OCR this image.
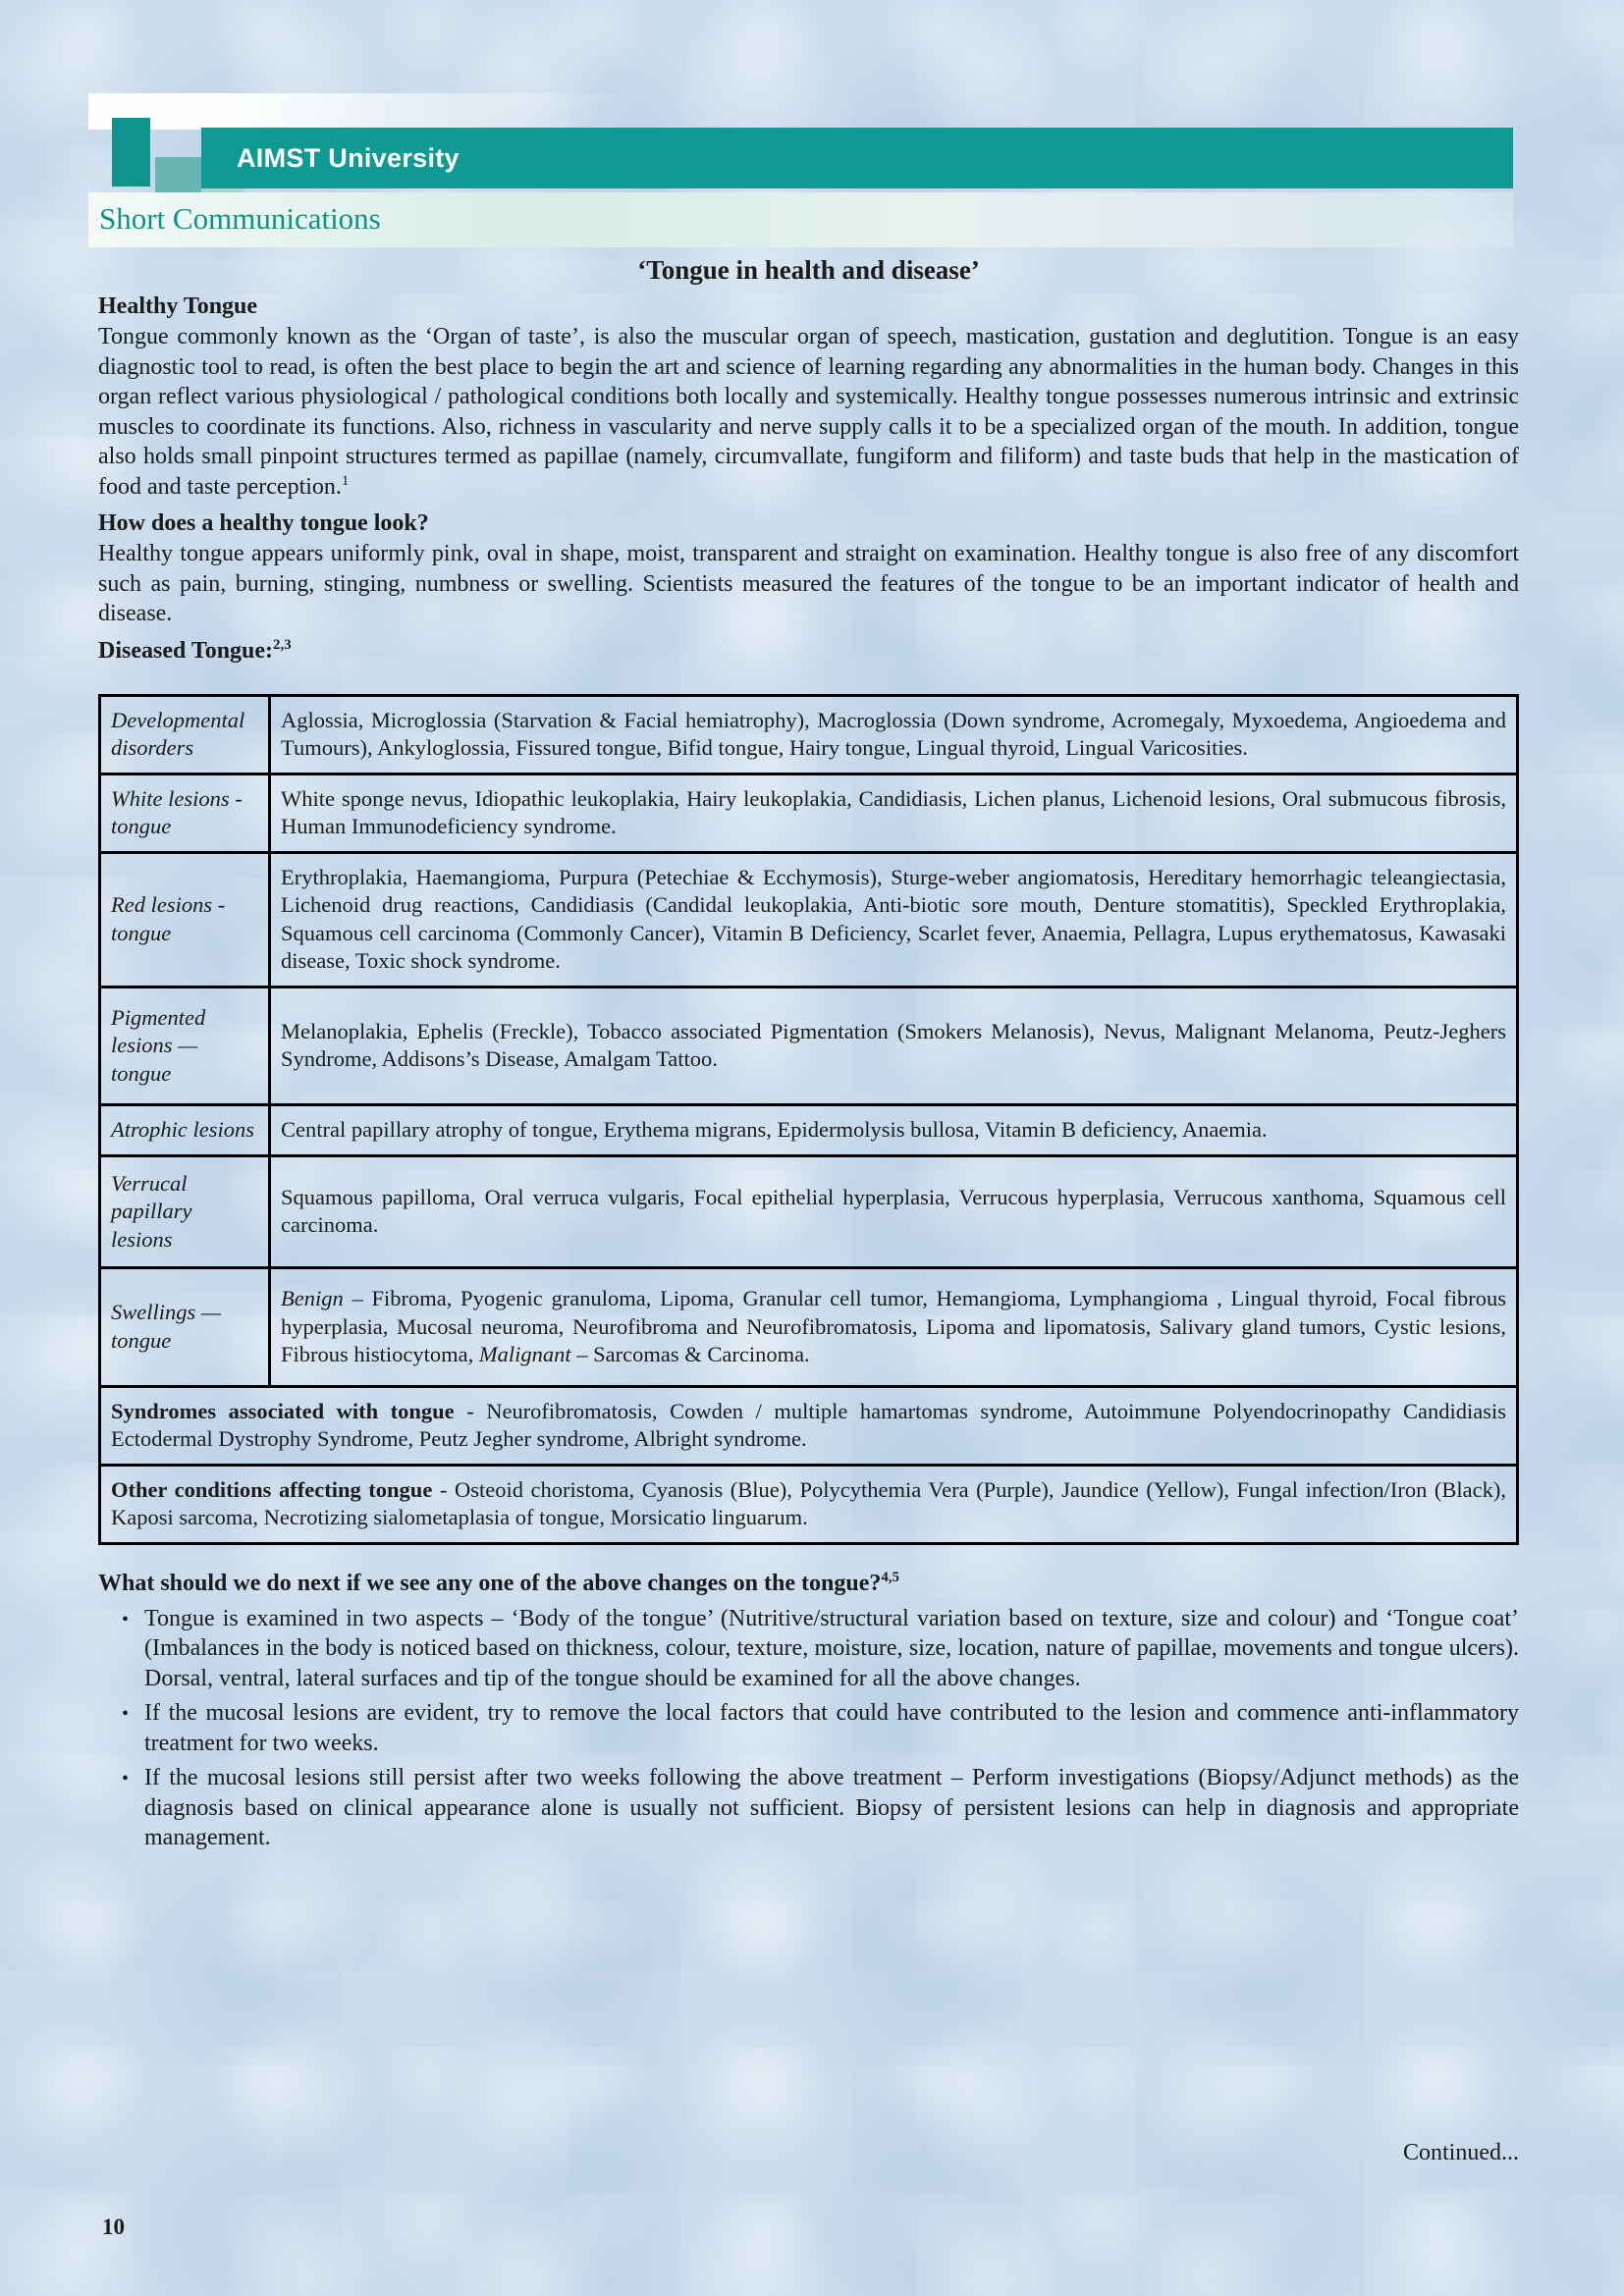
AIMST University
Short Communications
‘Tongue in health and disease’
Healthy Tongue

Tongue commonly known as the ‘Organ of taste’, is also the muscular organ of speech, mastication, gustation and deglutition. Tongue is an easy diagnostic tool to read, is often the best place to begin the art and science of learning regarding any abnormalities in the human body. Changes in this organ reflect various physiological / pathological conditions both locally and systemically. Healthy tongue possesses numerous intrinsic and extrinsic muscles to coordinate its functions. Also, richness in vascularity and nerve supply calls it to be a specialized organ of the mouth. In addition, tongue also holds small pinpoint structures termed as papillae (namely, circumvallate, fungiform and filiform) and taste buds that help in the mastication of food and taste perception.$^1$

How does a healthy tongue look?

Healthy tongue appears uniformly pink, oval in shape, moist, transparent and straight on examination. Healthy tongue is also free of any discomfort such as pain, burning, stinging, numbness or swelling. Scientists measured the features of the tongue to be an important indicator of health and disease.

Diseased Tongue:$^{2,3}$
Developmental disorders	Aglossia, Microglossia (Starvation & Facial hemiatrophy), Macroglossia (Down syndrome, Acromegaly, Myxoedema, Angioedema and Tumours), Ankyloglossia, Fissured tongue, Bifid tongue, Hairy tongue, Lingual thyroid, Lingual Varicosities.
White lesions - tongue	White sponge nevus, Idiopathic leukoplakia, Hairy leukoplakia, Candidiasis, Lichen planus, Lichenoid lesions, Oral submucous fibrosis, Human Immunodeficiency syndrome.
Red lesions - tongue	Erythroplakia, Haemangioma, Purpura (Petechiae & Ecchymosis), Sturge-weber angiomatosis, Hereditary hemorrhagic teleangiectasia, Lichenoid drug reactions, Candidiasis (Candidal leukoplakia, Anti-biotic sore mouth, Denture stomatitis), Speckled Erythroplakia, Squamous cell carcinoma (Commonly Cancer), Vitamin B Deficiency, Scarlet fever, Anaemia, Pellagra, Lupus erythematosus, Kawasaki disease, Toxic shock syndrome.
Pigmented lesions — tongue	Melanoplakia, Ephelis (Freckle), Tobacco associated Pigmentation (Smokers Melanosis), Nevus, Malignant Melanoma, Peutz-Jeghers Syndrome, Addisons’s Disease, Amalgam Tattoo.
Atrophic lesions	Central papillary atrophy of tongue, Erythema migrans, Epidermolysis bullosa, Vitamin B deficiency, Anaemia.
Verrucal papillary lesions	Squamous papilloma, Oral verruca vulgaris, Focal epithelial hyperplasia, Verrucous hyperplasia, Verrucous xanthoma, Squamous cell carcinoma.
Swellings — tongue	Benign – Fibroma, Pyogenic granuloma, Lipoma, Granular cell tumor, Hemangioma, Lymphangioma , Lingual thyroid, Focal fibrous hyperplasia, Mucosal neuroma, Neurofibroma and Neurofibromatosis, Lipoma and lipomatosis, Salivary gland tumors, Cystic lesions, Fibrous histiocytoma, Malignant – Sarcomas & Carcinoma.
Syndromes associated with tongue - Neurofibromatosis, Cowden / multiple hamartomas syndrome, Autoimmune Polyendocrinopathy Candidiasis Ectodermal Dystrophy Syndrome, Peutz Jegher syndrome, Albright syndrome.	
Other conditions affecting tongue - Osteoid choristoma, Cyanosis (Blue), Polycythemia Vera (Purple), Jaundice (Yellow), Fungal infection/Iron (Black), Kaposi sarcoma, Necrotizing sialometaplasia of tongue, Morsicatio linguarum.	
What should we do next if we see any one of the above changes on the tongue?$^{4,5}$
• Tongue is examined in two aspects – ‘Body of the tongue’ (Nutritive/structural variation based on texture, size and colour) and ‘Tongue coat’ (Imbalances in the body is noticed based on thickness, colour, texture, moisture, size, location, nature of papillae, movements and tongue ulcers). Dorsal, ventral, lateral surfaces and tip of the tongue should be examined for all the above changes.
• If the mucosal lesions are evident, try to remove the local factors that could have contributed to the lesion and commence anti-inflammatory treatment for two weeks.
• If the mucosal lesions still persist after two weeks following the above treatment – Perform investigations (Biopsy/Adjunct methods) as the diagnosis based on clinical appearance alone is usually not sufficient. Biopsy of persistent lesions can help in diagnosis and appropriate management.
Continued...
10
